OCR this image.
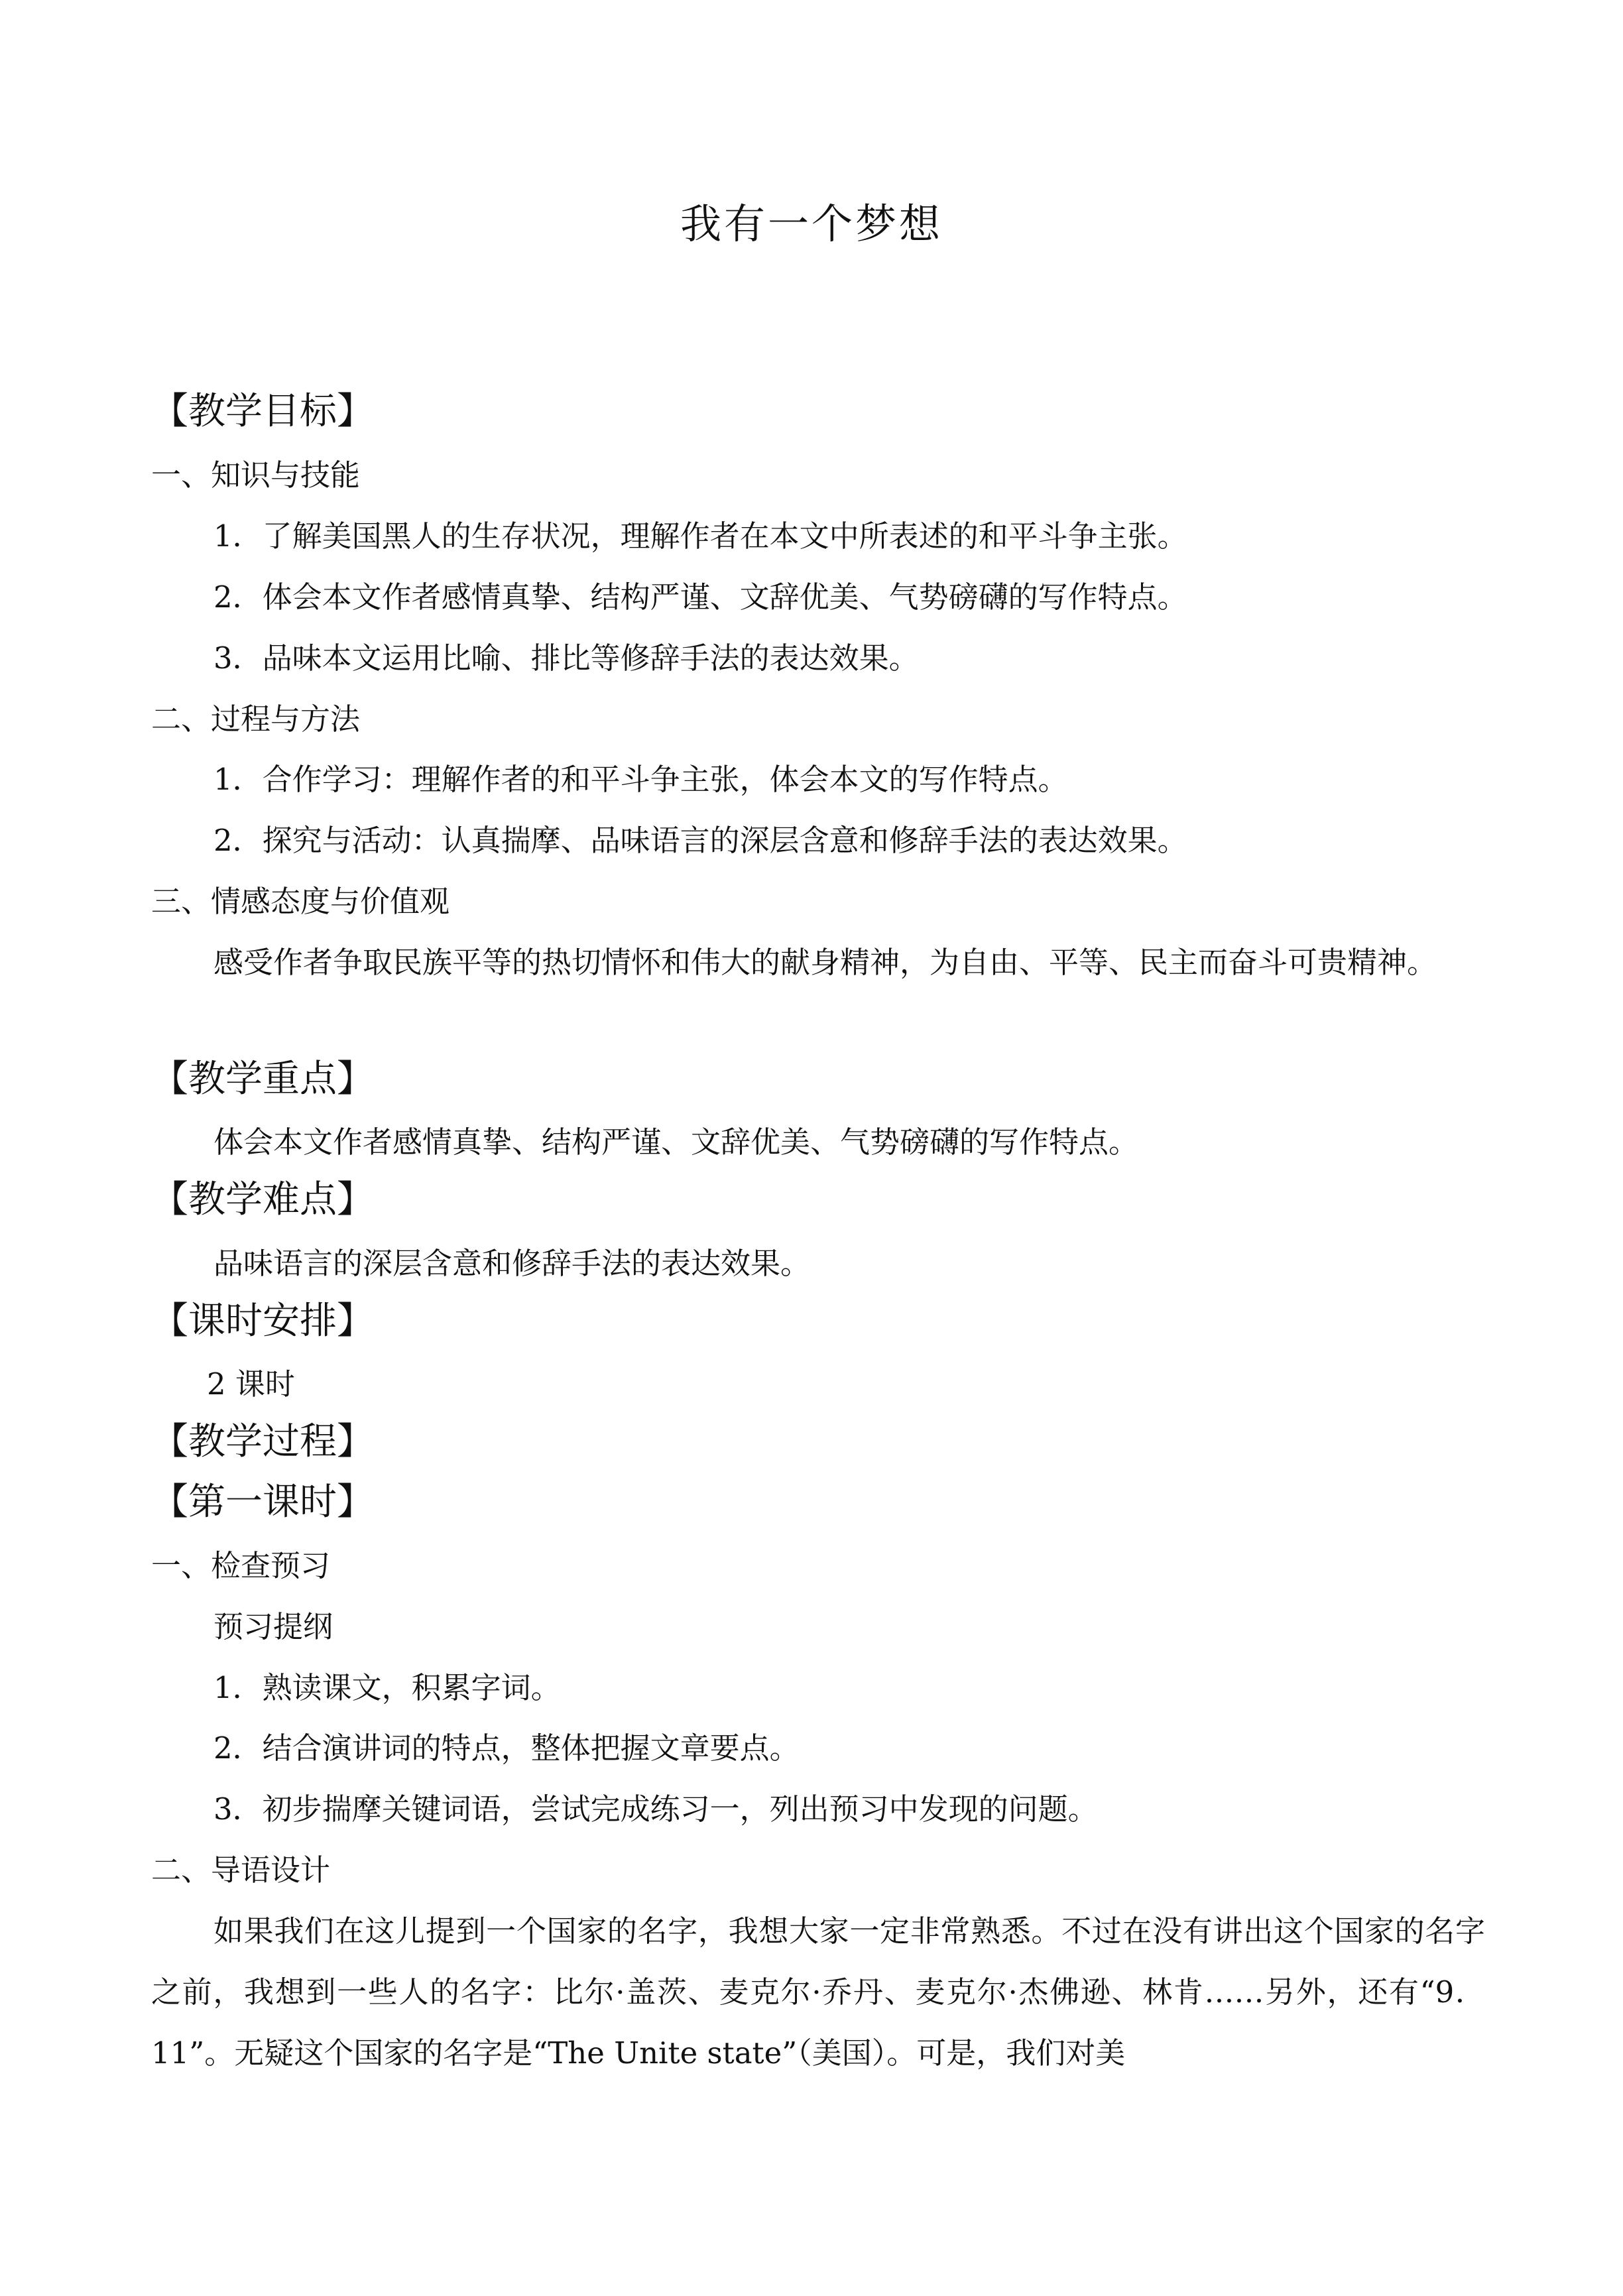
我有一个梦想
【教学目标】
一、知识与技能
1．了解美国黑人的生存状况，理解作者在本文中所表述的和平斗争主张。
2．体会本文作者感情真挚、结构严谨、文辞优美、气势磅礴的写作特点。
3．品味本文运用比喻、排比等修辞手法的表达效果。
二、过程与方法
1．合作学习：理解作者的和平斗争主张，体会本文的写作特点。
2．探究与活动：认真揣摩、品味语言的深层含意和修辞手法的表达效果。
三、情感态度与价值观
感受作者争取民族平等的热切情怀和伟大的献身精神，为自由、平等、民主而奋斗可贵精神。
【教学重点】
体会本文作者感情真挚、结构严谨、文辞优美、气势磅礴的写作特点。
【教学难点】
品味语言的深层含意和修辞手法的表达效果。
【课时安排】
2 课时
【教学过程】
【第一课时】
一、检查预习
预习提纲
1．熟读课文，积累字词。
2．结合演讲词的特点，整体把握文章要点。
3．初步揣摩关键词语，尝试完成练习一，列出预习中发现的问题。
二、导语设计
如果我们在这儿提到一个国家的名字，我想大家一定非常熟悉。不过在没有讲出这个国家的名字之前，我想到一些人的名字：比尔·盖茨、麦克尔·乔丹、麦克尔·杰佛逊、林肯……另外，还有“9．11”。无疑这个国家的名字是“The Unite state”（美国）。可是，我们对美
